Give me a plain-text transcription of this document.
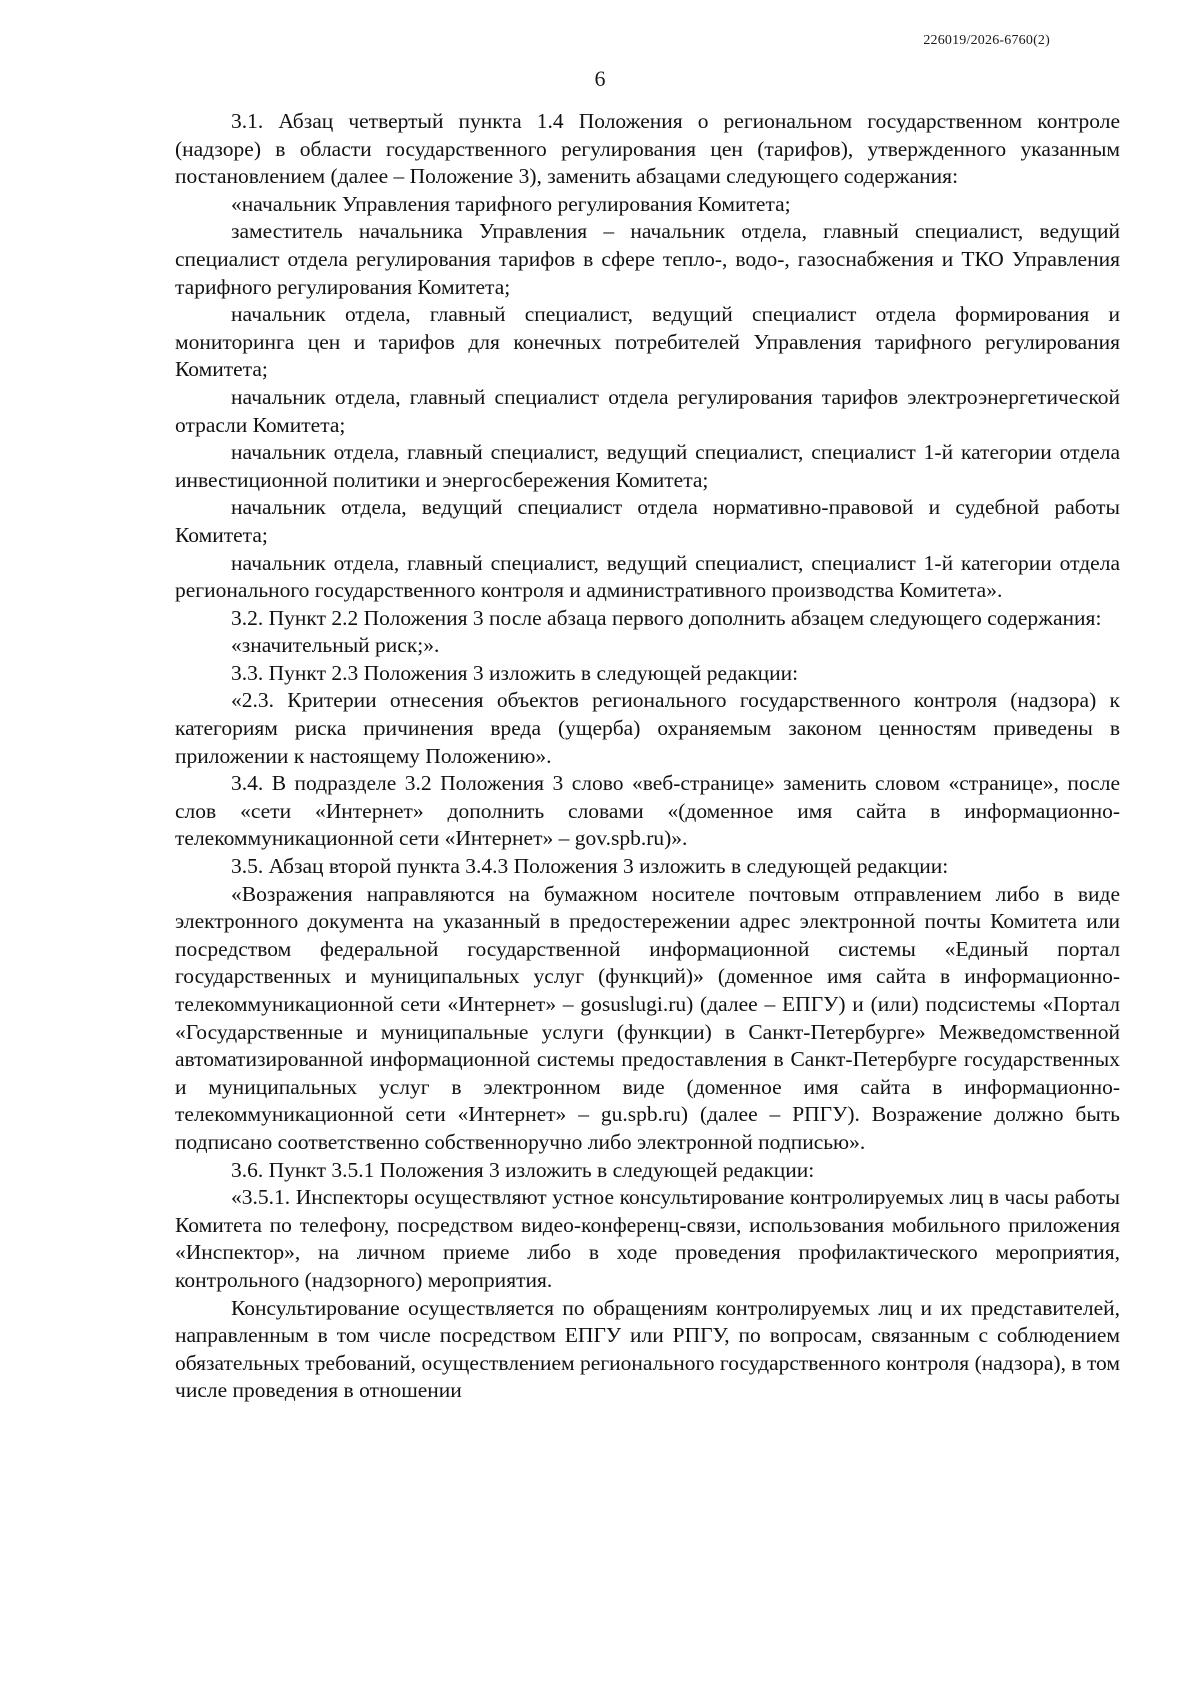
226019/2026-6760(2)
6

3.1. Абзац четвертый пункта 1.4 Положения о региональном государственном контроле (надзоре) в области государственного регулирования цен (тарифов), утвержденного указанным постановлением (далее – Положение 3), заменить абзацами следующего содержания:

«начальник Управления тарифного регулирования Комитета;

заместитель начальника Управления – начальник отдела, главный специалист, ведущий специалист отдела регулирования тарифов в сфере тепло-, водо-, газоснабжения и ТКО Управления тарифного регулирования Комитета;

начальник отдела, главный специалист, ведущий специалист отдела формирования и мониторинга цен и тарифов для конечных потребителей Управления тарифного регулирования Комитета;

начальник отдела, главный специалист отдела регулирования тарифов электроэнергетической отрасли Комитета;

начальник отдела, главный специалист, ведущий специалист, специалист 1-й категории отдела инвестиционной политики и энергосбережения Комитета;

начальник отдела, ведущий специалист отдела нормативно-правовой и судебной работы Комитета;

начальник отдела, главный специалист, ведущий специалист, специалист 1-й категории отдела регионального государственного контроля и административного производства Комитета».

3.2. Пункт 2.2 Положения 3 после абзаца первого дополнить абзацем следующего содержания:

«значительный риск;».

3.3. Пункт 2.3 Положения 3 изложить в следующей редакции:

«2.3. Критерии отнесения объектов регионального государственного контроля (надзора) к категориям риска причинения вреда (ущерба) охраняемым законом ценностям приведены в приложении к настоящему Положению».

3.4. В подразделе 3.2 Положения 3 слово «веб-странице» заменить словом «странице», после слов «сети «Интернет» дополнить словами «(доменное имя сайта в информационно-телекоммуникационной сети «Интернет» – gov.spb.ru)».

3.5. Абзац второй пункта 3.4.3 Положения 3 изложить в следующей редакции:

«Возражения направляются на бумажном носителе почтовым отправлением либо в виде электронного документа на указанный в предостережении адрес электронной почты Комитета или посредством федеральной государственной информационной системы «Единый портал государственных и муниципальных услуг (функций)» (доменное имя сайта в информационно-телекоммуникационной сети «Интернет» – gosuslugi.ru) (далее – ЕПГУ) и (или) подсистемы «Портал «Государственные и муниципальные услуги (функции) в Санкт-Петербурге» Межведомственной автоматизированной информационной системы предоставления в Санкт-Петербурге государственных и муниципальных услуг в электронном виде (доменное имя сайта в информационно-телекоммуникационной сети «Интернет» – gu.spb.ru) (далее – РПГУ). Возражение должно быть подписано соответственно собственноручно либо электронной подписью».

3.6. Пункт 3.5.1 Положения 3 изложить в следующей редакции:

«3.5.1. Инспекторы осуществляют устное консультирование контролируемых лиц в часы работы Комитета по телефону, посредством видео-конференц-связи, использования мобильного приложения «Инспектор», на личном приеме либо в ходе проведения профилактического мероприятия, контрольного (надзорного) мероприятия.

Консультирование осуществляется по обращениям контролируемых лиц и их представителей, направленным в том числе посредством ЕПГУ или РПГУ, по вопросам, связанным с соблюдением обязательных требований, осуществлением регионального государственного контроля (надзора), в том числе проведения в отношении
